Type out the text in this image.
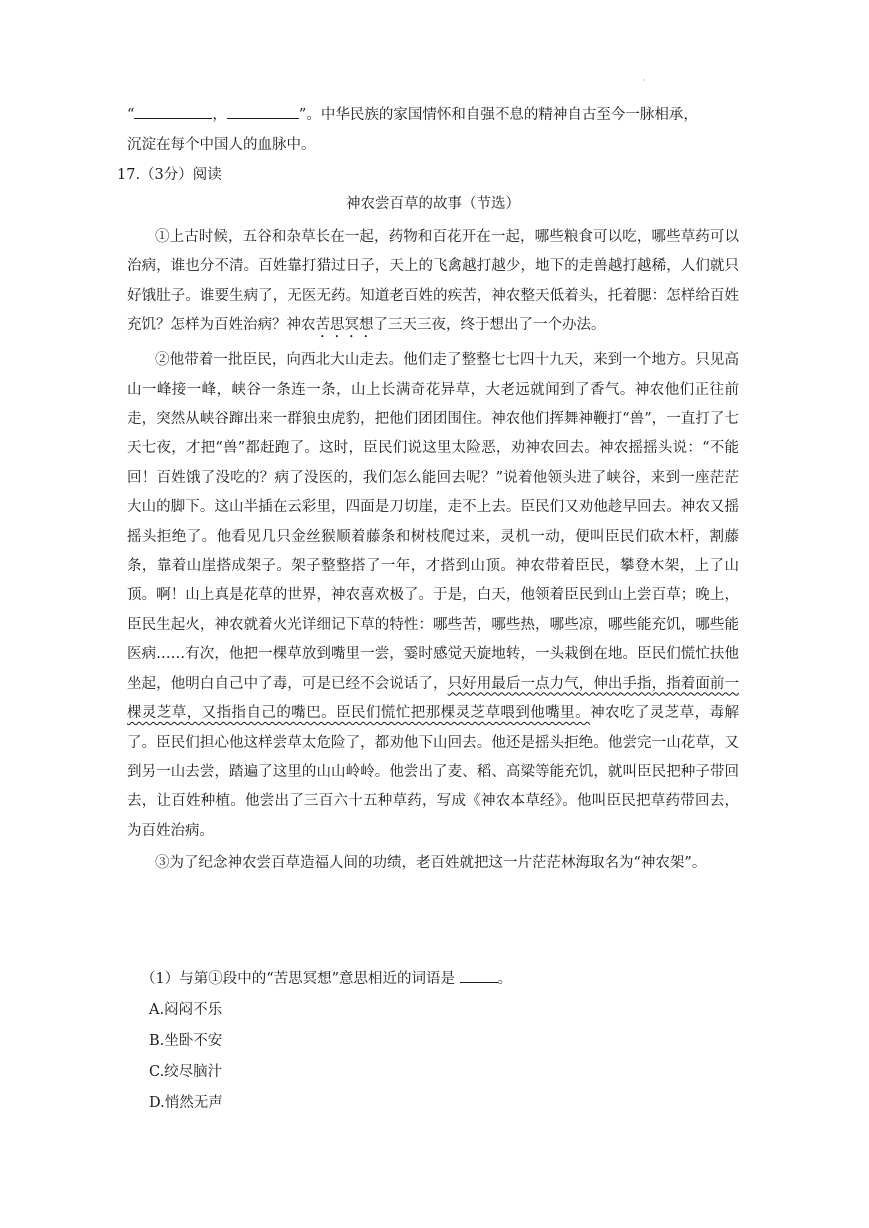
·
“	，	”。中华民族的家国情怀和自强不息的精神自古至今一脉相承，
沉淀在每个中国人的血脉中。
17.（3分）阅读
神农尝百草的故事（节选）

①上古时候，五谷和杂草长在一起，药物和百花开在一起，哪些粮食可以吃，哪些草药可以治病，谁也分不清。百姓靠打猎过日子，天上的飞禽越打越少，地下的走兽越打越稀，人们就只好饿肚子。谁要生病了，无医无药。知道老百姓的疾苦，神农整天低着头，托着腮：怎样给百姓充饥？怎样为百姓治病？神农苦思冥想了三天三夜，终于想出了一个办法。

②他带着一批臣民，向西北大山走去。他们走了整整七七四十九天，来到一个地方。只见高山一峰接一峰，峡谷一条连一条，山上长满奇花异草，大老远就闻到了香气。神农他们正往前走，突然从峡谷蹿出来一群狼虫虎豹，把他们团团围住。神农他们挥舞神鞭打“兽”，一直打了七天七夜，才把“兽”都赶跑了。这时，臣民们说这里太险恶，劝神农回去。神农摇摇头说：“不能回！百姓饿了没吃的？病了没医的，我们怎么能回去呢？”说着他领头进了峡谷，来到一座茫茫大山的脚下。这山半插在云彩里，四面是刀切崖，走不上去。臣民们又劝他趁早回去。神农又摇摇头拒绝了。他看见几只金丝猴顺着藤条和树枝爬过来，灵机一动，便叫臣民们砍木杆，割藤条，靠着山崖搭成架子。架子整整搭了一年，才搭到山顶。神农带着臣民，攀登木架，上了山顶。啊！山上真是花草的世界，神农喜欢极了。于是，白天，他领着臣民到山上尝百草；晚上，臣民生起火，神农就着火光详细记下草的特性：哪些苦，哪些热，哪些凉，哪些能充饥，哪些能医病……有次，他把一棵草放到嘴里一尝，霎时感觉天旋地转，一头栽倒在地。臣民们慌忙扶他坐起，他明白自己中了毒，可是已经不会说话了，只好用最后一点力气，伸出手指，指着面前一棵灵芝草，又指指自己的嘴巴。臣民们慌忙把那棵灵芝草喂到他嘴里。神农吃了灵芝草，毒解了。臣民们担心他这样尝草太危险了，都劝他下山回去。他还是摇头拒绝。他尝完一山花草，又到另一山去尝，踏遍了这里的山山岭岭。他尝出了麦、稻、高粱等能充饥，就叫臣民把种子带回去，让百姓种植。他尝出了三百六十五种草药，写成《神农本草经》。他叫臣民把草药带回去，为百姓治病。

③为了纪念神农尝百草造福人间的功绩，老百姓就把这一片茫茫林海取名为“神农架”。

（1）与第①段中的“苦思冥想”意思相近的词语是	。
A.闷闷不乐
B.坐卧不安
C.绞尽脑汁
D.悄然无声
